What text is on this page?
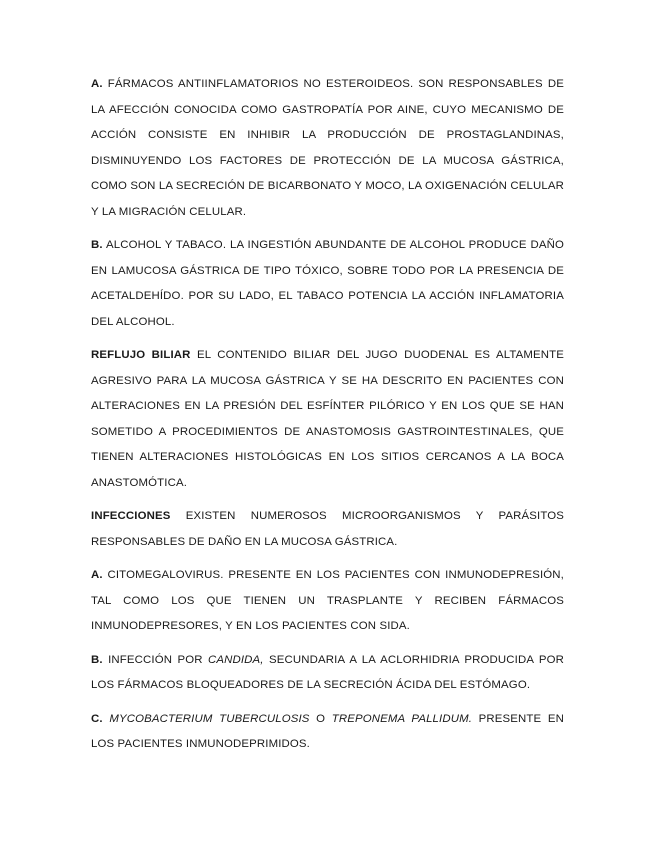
A. FÁRMACOS ANTIINFLAMATORIOS NO ESTEROIDEOS. SON RESPONSABLES DE LA AFECCIÓN CONOCIDA COMO GASTROPATÍA POR AINE, CUYO MECANISMO DE ACCIÓN CONSISTE EN INHIBIR LA PRODUCCIÓN DE PROSTAGLANDINAS, DISMINUYENDO LOS FACTORES DE PROTECCIÓN DE LA MUCOSA GÁSTRICA, COMO SON LA SECRECIÓN DE BICARBONATO Y MOCO, LA OXIGENACIÓN CELULAR Y LA MIGRACIÓN CELULAR.

B. ALCOHOL Y TABACO. LA INGESTIÓN ABUNDANTE DE ALCOHOL PRODUCE DAÑO EN LAMUCOSA GÁSTRICA DE TIPO TÓXICO, SOBRE TODO POR LA PRESENCIA DE ACETALDEHÍDO. POR SU LADO, EL TABACO POTENCIA LA ACCIÓN INFLAMATORIA DEL ALCOHOL.

REFLUJO BILIAR EL CONTENIDO BILIAR DEL JUGO DUODENAL ES ALTAMENTE AGRESIVO PARA LA MUCOSA GÁSTRICA Y SE HA DESCRITO EN PACIENTES CON ALTERACIONES EN LA PRESIÓN DEL ESFÍNTER PILÓRICO Y EN LOS QUE SE HAN SOMETIDO A PROCEDIMIENTOS DE ANASTOMOSIS GASTROINTESTINALES, QUE TIENEN ALTERACIONES HISTOLÓGICAS EN LOS SITIOS CERCANOS A LA BOCA ANASTOMÓTICA.

INFECCIONES EXISTEN NUMEROSOS MICROORGANISMOS Y PARÁSITOS RESPONSABLES DE DAÑO EN LA MUCOSA GÁSTRICA.

A. CITOMEGALOVIRUS. PRESENTE EN LOS PACIENTES CON INMUNODEPRESIÓN, TAL COMO LOS QUE TIENEN UN TRASPLANTE Y RECIBEN FÁRMACOS INMUNODEPRESORES, Y EN LOS PACIENTES CON SIDA.

B. INFECCIÓN POR CANDIDA, SECUNDARIA A LA ACLORHIDRIA PRODUCIDA POR LOS FÁRMACOS BLOQUEADORES DE LA SECRECIÓN ÁCIDA DEL ESTÓMAGO.

C. MYCOBACTERIUM TUBERCULOSIS O TREPONEMA PALLIDUM. PRESENTE EN LOS PACIENTES INMUNODEPRIMIDOS.
